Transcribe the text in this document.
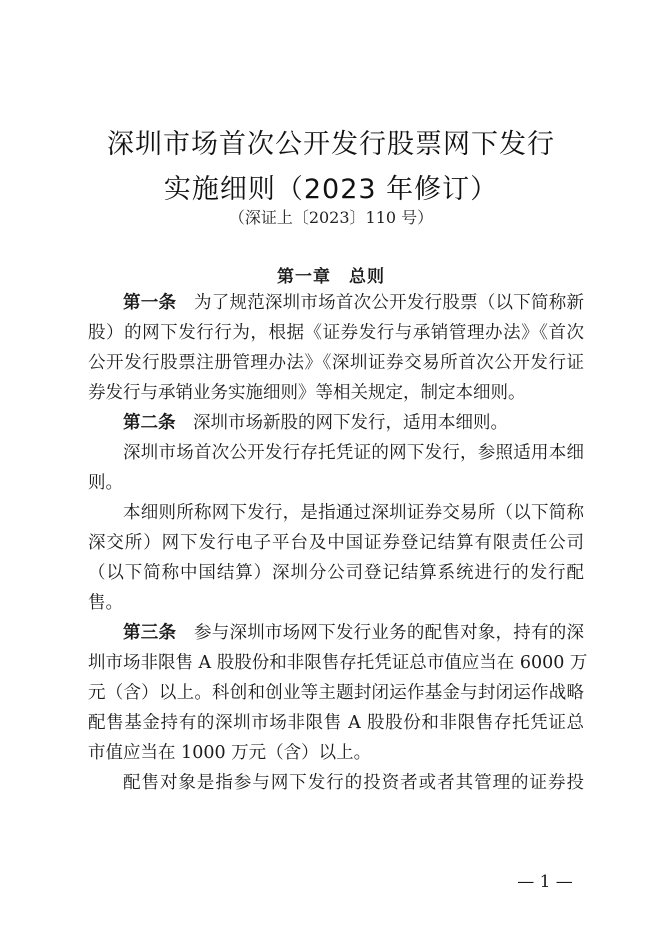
深圳市场首次公开发行股票网下发行
实施细则（2023 年修订）
（深证上〔2023〕110 号）
第一章　总则
第一条　为了规范深圳市场首次公开发行股票（以下简称新
股）的网下发行行为，根据《证券发行与承销管理办法》《首次
公开发行股票注册管理办法》《深圳证券交易所首次公开发行证
券发行与承销业务实施细则》等相关规定，制定本细则。
第二条　深圳市场新股的网下发行，适用本细则。
深圳市场首次公开发行存托凭证的网下发行，参照适用本细
则。
本细则所称网下发行，是指通过深圳证券交易所（以下简称
深交所）网下发行电子平台及中国证券登记结算有限责任公司
（以下简称中国结算）深圳分公司登记结算系统进行的发行配
售。
第三条　参与深圳市场网下发行业务的配售对象，持有的深
圳市场非限售 A 股股份和非限售存托凭证总市值应当在 6000 万
元（含）以上。科创和创业等主题封闭运作基金与封闭运作战略
配售基金持有的深圳市场非限售 A 股股份和非限售存托凭证总
市值应当在 1000 万元（含）以上。
配售对象是指参与网下发行的投资者或者其管理的证券投
— 1 —
